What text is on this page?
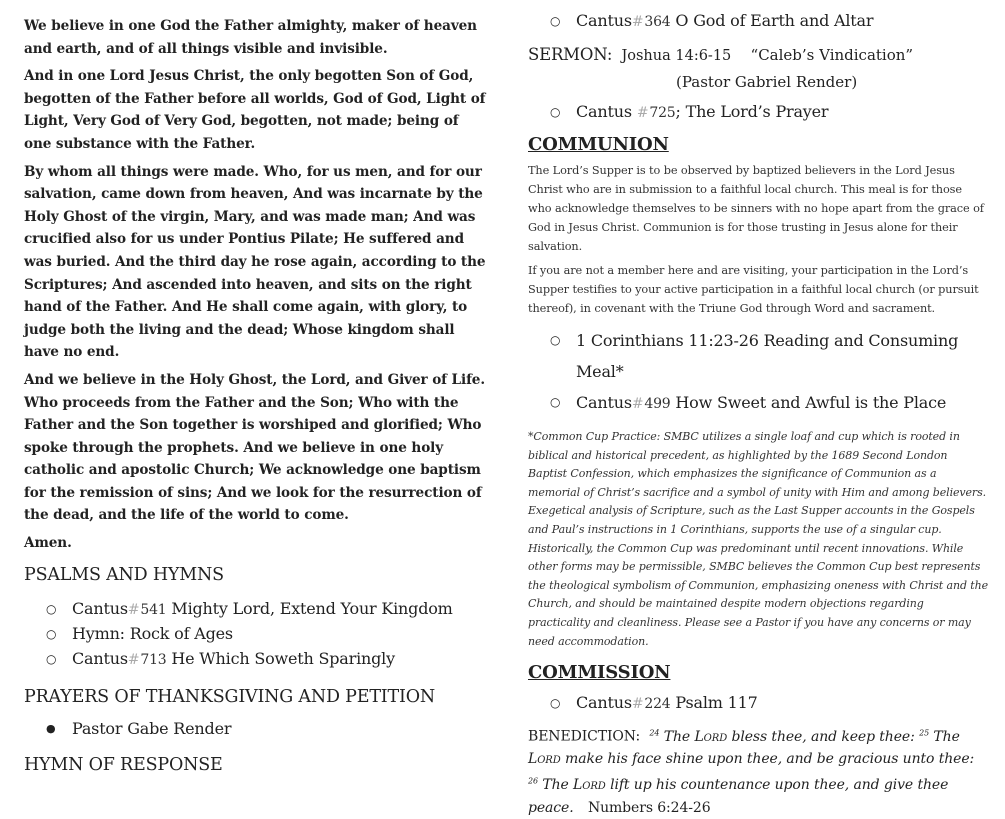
We believe in one God the Father almighty, maker of heaven and earth, and of all things visible and invisible.

And in one Lord Jesus Christ, the only begotten Son of God, begotten of the Father before all worlds, God of God, Light of Light, Very God of Very God, begotten, not made; being of one substance with the Father.

By whom all things were made. Who, for us men, and for our salvation, came down from heaven, And was incarnate by the Holy Ghost of the virgin, Mary, and was made man; And was crucified also for us under Pontius Pilate; He suffered and was buried. And the third day he rose again, according to the Scriptures; And ascended into heaven, and sits on the right hand of the Father. And He shall come again, with glory, to judge both the living and the dead; Whose kingdom shall have no end.

And we believe in the Holy Ghost, the Lord, and Giver of Life. Who proceeds from the Father and the Son; Who with the Father and the Son together is worshiped and glorified; Who spoke through the prophets. And we believe in one holy catholic and apostolic Church; We acknowledge one baptism for the remission of sins; And we look for the resurrection of the dead, and the life of the world to come.

Amen.

PSALMS AND HYMNS
○ Cantus#541 Mighty Lord, Extend Your Kingdom
○ Hymn: Rock of Ages
○ Cantus#713 He Which Soweth Sparingly
PRAYERS OF THANKSGIVING AND PETITION
● Pastor Gabe Render
HYMN OF RESPONSE
○ Cantus#364 O God of Earth and Altar
SERMON: Joshua 14:6-15 “Caleb’s Vindication”
(Pastor Gabriel Render)
○ Cantus #725; The Lord’s Prayer
COMMUNION

The Lord’s Supper is to be observed by baptized believers in the Lord Jesus Christ who are in submission to a faithful local church. This meal is for those who acknowledge themselves to be sinners with no hope apart from the grace of God in Jesus Christ. Communion is for those trusting in Jesus alone for their salvation.

If you are not a member here and are visiting, your participation in the Lord’s Supper testifies to your active participation in a faithful local church (or pursuit thereof), in covenant with the Triune God through Word and sacrament.

○ 1 Corinthians 11:23-26 Reading and Consuming Meal*
○ Cantus#499 How Sweet and Awful is the Place

*Common Cup Practice: SMBC utilizes a single loaf and cup which is rooted in biblical and historical precedent, as highlighted by the 1689 Second London Baptist Confession, which emphasizes the significance of Communion as a memorial of Christ’s sacrifice and a symbol of unity with Him and among believers. Exegetical analysis of Scripture, such as the Last Supper accounts in the Gospels and Paul’s instructions in 1 Corinthians, supports the use of a singular cup. Historically, the Common Cup was predominant until recent innovations. While other forms may be permissible, SMBC believes the Common Cup best represents the theological symbolism of Communion, emphasizing oneness with Christ and the Church, and should be maintained despite modern objections regarding practicality and cleanliness. Please see a Pastor if you have any concerns or may need accommodation.

COMMISSION
○ Cantus#224 Psalm 117
BENEDICTION: $^{24}$ The Lord bless thee, and keep thee: $^{25}$ The Lord make his face shine upon thee, and be gracious unto thee: $^{26}$ The Lord lift up his countenance upon thee, and give thee peace. Numbers 6:24-26
